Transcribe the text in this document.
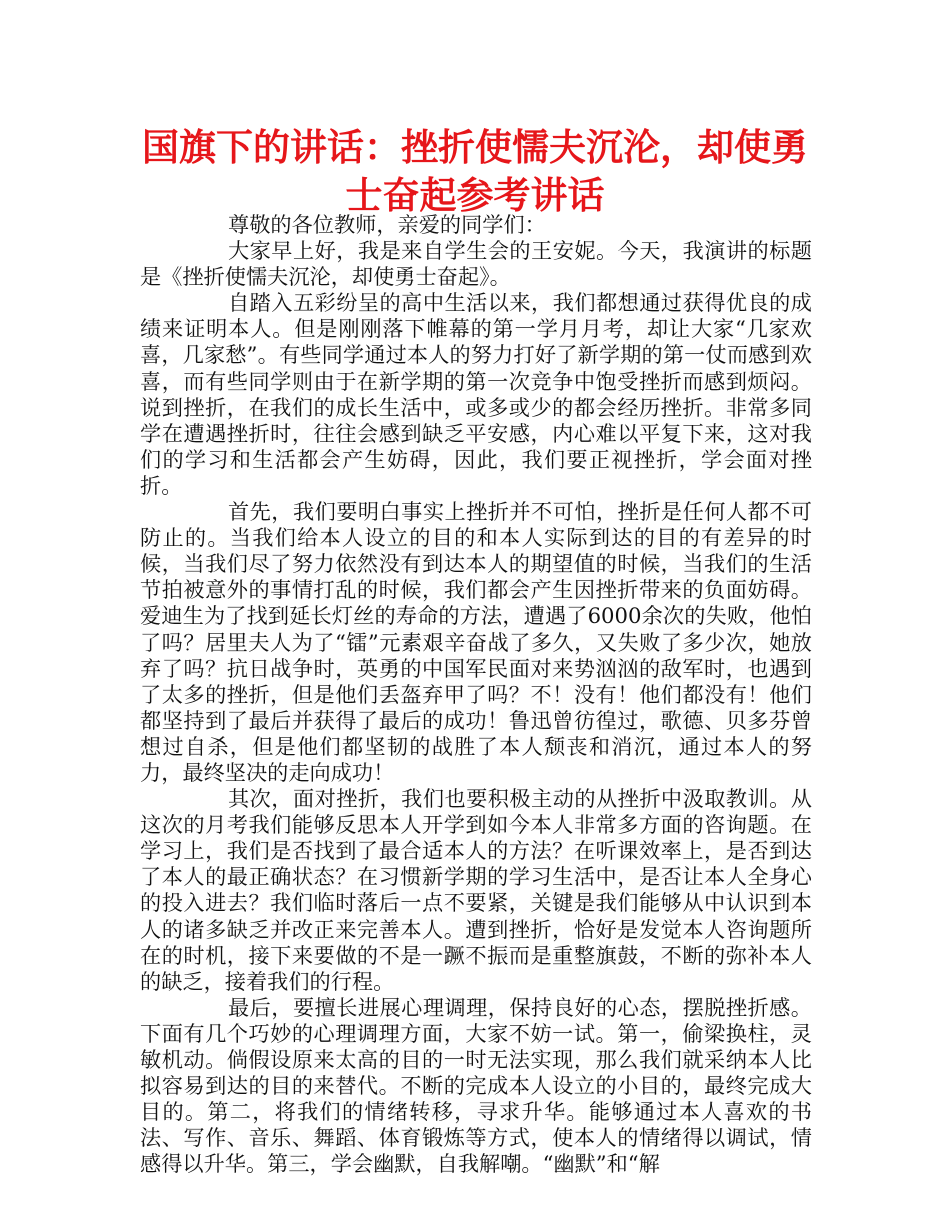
国旗下的讲话：挫折使懦夫沉沦，却使勇士奋起参考讲话

尊敬的各位教师，亲爱的同学们：

大家早上好，我是来自学生会的王安妮。今天，我演讲的标题是《挫折使懦夫沉沦，却使勇士奋起》。

自踏入五彩纷呈的高中生活以来，我们都想通过获得优良的成绩来证明本人。但是刚刚落下帷幕的第一学月月考，却让大家“几家欢喜，几家愁”。有些同学通过本人的努力打好了新学期的第一仗而感到欢喜，而有些同学则由于在新学期的第一次竞争中饱受挫折而感到烦闷。说到挫折，在我们的成长生活中，或多或少的都会经历挫折。非常多同学在遭遇挫折时，往往会感到缺乏平安感，内心难以平复下来，这对我们的学习和生活都会产生妨碍，因此，我们要正视挫折，学会面对挫折。

首先，我们要明白事实上挫折并不可怕，挫折是任何人都不可防止的。当我们给本人设立的目的和本人实际到达的目的有差异的时候，当我们尽了努力依然没有到达本人的期望值的时候，当我们的生活节拍被意外的事情打乱的时候，我们都会产生因挫折带来的负面妨碍。爱迪生为了找到延长灯丝的寿命的方法，遭遇了6000余次的失败，他怕了吗？居里夫人为了“镭”元素艰辛奋战了多久，又失败了多少次，她放弃了吗？抗日战争时，英勇的中国军民面对来势汹汹的敌军时，也遇到了太多的挫折，但是他们丢盔弃甲了吗？不！没有！他们都没有！他们都坚持到了最后并获得了最后的成功！鲁迅曾彷徨过，歌德、贝多芬曾想过自杀，但是他们都坚韧的战胜了本人颓丧和消沉，通过本人的努力，最终坚决的走向成功！

其次，面对挫折，我们也要积极主动的从挫折中汲取教训。从这次的月考我们能够反思本人开学到如今本人非常多方面的咨询题。在学习上，我们是否找到了最合适本人的方法？在听课效率上，是否到达了本人的最正确状态？在习惯新学期的学习生活中，是否让本人全身心的投入进去？我们临时落后一点不要紧，关键是我们能够从中认识到本人的诸多缺乏并改正来完善本人。遭到挫折，恰好是发觉本人咨询题所在的时机，接下来要做的不是一蹶不振而是重整旗鼓，不断的弥补本人的缺乏，接着我们的行程。

最后，要擅长进展心理调理，保持良好的心态，摆脱挫折感。下面有几个巧妙的心理调理方面，大家不妨一试。第一，偷梁换柱，灵敏机动。倘假设原来太高的目的一时无法实现，那么我们就采纳本人比拟容易到达的目的来替代。不断的完成本人设立的小目的，最终完成大目的。第二，将我们的情绪转移，寻求升华。能够通过本人喜欢的书法、写作、音乐、舞蹈、体育锻炼等方式，使本人的情绪得以调试，情感得以升华。第三，学会幽默，自我解嘲。“幽默”和“解
